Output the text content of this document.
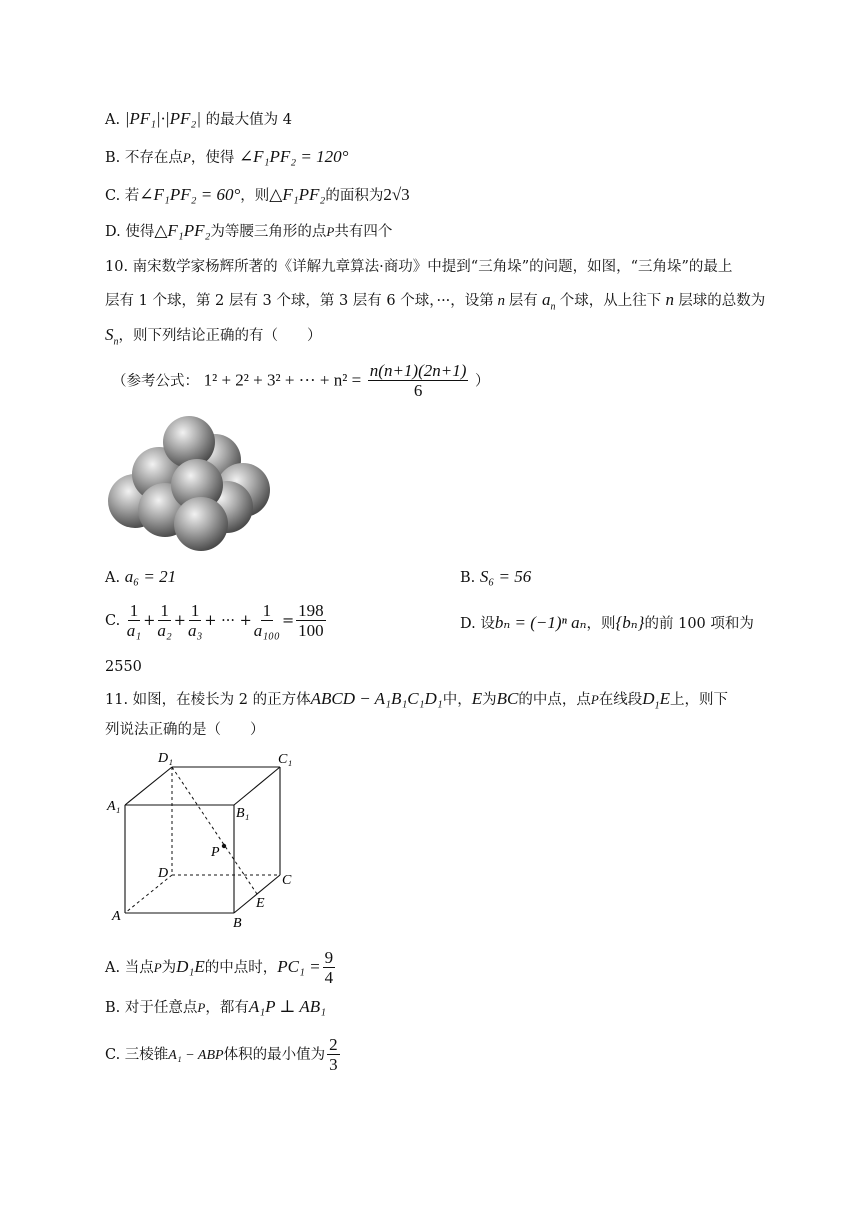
A. |PF₁|·|PF₂| 的最大值为 4
B. 不存在点P，使得 ∠F₁PF₂ = 120°
C. 若∠F₁PF₂ = 60°，则△F₁PF₂的面积为2√3
D. 使得△F₁PF₂为等腰三角形的点P共有四个
10. 南宋数学家杨辉所著的《详解九章算法·商功》中提到“三角垛”的问题，如图，“三角垛”的最上
层有 1 个球，第 2 层有 3 个球，第 3 层有 6 个球，···，设第 n 层有 $a_n$ 个球，从上往下 n 层球的总数为
$S_n$，则下列结论正确的有（　　）
（参考公式： 1² + 2² + 3² + ··· + $n^2 = \frac{n(n+1)(2n+1)}{6}$ ）
A. a₆ = 21	B. S₆ = 56
C. $\frac{1}{\text{a₁}} + \frac{1}{\text{a₂}} + \frac{1}{\text{a₃}}$ + ··· + $\frac{1}{\text{a₁₀₀}} = \frac{198}{100}$	D. 设bₙ = (−1)ⁿ aₙ，则{bₙ}的前 100 项和为
2550
11. 如图，在棱长为 2 的正方体ABCD − A₁B₁C₁D₁中，E为BC的中点，点P在线段$D_1E$上，则下
列说法正确的是（　　）
D₁	C₁
A₁	B₁
P
D	C
A	B
E
A. 当点P为D₁E的中点时，$PC_1 = \frac{9}{4}$
B. 对于任意点P，都有A₁P ⊥ AB₁
C. 三棱锥A₁ − ABP体积的最小值为 $\frac{2}{3}$
